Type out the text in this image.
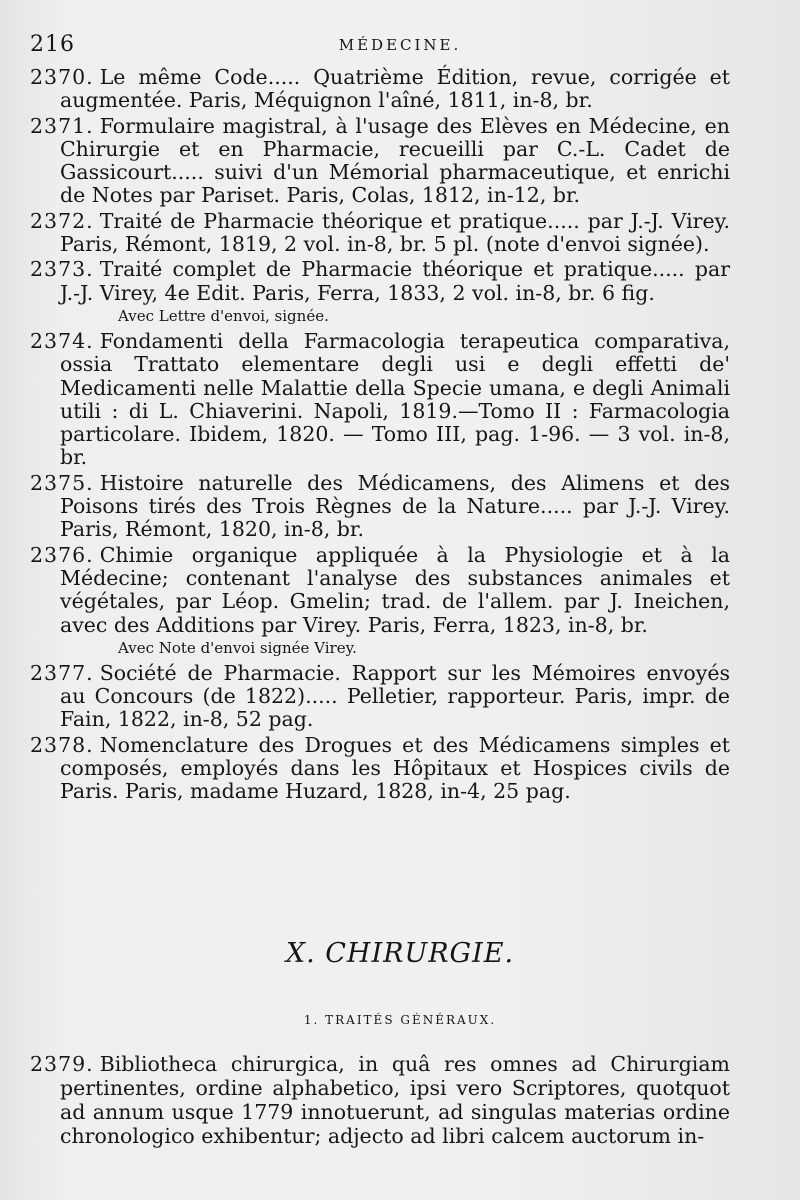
216	MÉDECINE.

2370. Le même Code..... Quatrième Édition, revue, corrigée et augmentée. Paris, Méquignon l'aîné, 1811, in-8, br.

2371. Formulaire magistral, à l'usage des Elèves en Médecine, en Chirurgie et en Pharmacie, recueilli par C.-L. Cadet de Gassicourt..... suivi d'un Mémorial pharmaceutique, et enrichi de Notes par Pariset. Paris, Colas, 1812, in-12, br.

2372. Traité de Pharmacie théorique et pratique..... par J.-J. Virey. Paris, Rémont, 1819, 2 vol. in-8, br. 5 pl. (note d'envoi signée).

2373. Traité complet de Pharmacie théorique et pratique..... par J.-J. Virey, 4e Edit. Paris, Ferra, 1833, 2 vol. in-8, br. 6 fig.

Avec Lettre d'envoi, signée.

2374. Fondamenti della Farmacologia terapeutica comparativa, ossia Trattato elementare degli usi e degli effetti de' Medicamenti nelle Malattie della Specie umana, e degli Animali utili : di L. Chiaverini. Napoli, 1819.—Tomo II : Farmacologia particolare. Ibidem, 1820. — Tomo III, pag. 1-96. — 3 vol. in-8, br.

2375. Histoire naturelle des Médicamens, des Alimens et des Poisons tirés des Trois Règnes de la Nature..... par J.-J. Virey. Paris, Rémont, 1820, in-8, br.

2376. Chimie organique appliquée à la Physiologie et à la Médecine; contenant l'analyse des substances animales et végétales, par Léop. Gmelin; trad. de l'allem. par J. Ineichen, avec des Additions par Virey. Paris, Ferra, 1823, in-8, br.

Avec Note d'envoi signée Virey.

2377. Société de Pharmacie. Rapport sur les Mémoires envoyés au Concours (de 1822)..... Pelletier, rapporteur. Paris, impr. de Fain, 1822, in-8, 52 pag.

2378. Nomenclature des Drogues et des Médicamens simples et composés, employés dans les Hôpitaux et Hospices civils de Paris. Paris, madame Huzard, 1828, in-4, 25 pag.

X. CHIRURGIE.
1. TRAITÉS GÉNÉRAUX.

2379. Bibliotheca chirurgica, in quâ res omnes ad Chirurgiam pertinentes, ordine alphabetico, ipsi vero Scriptores, quotquot ad annum usque 1779 innotuerunt, ad singulas materias ordine chronologico exhibentur; adjecto ad libri calcem auctorum in-
